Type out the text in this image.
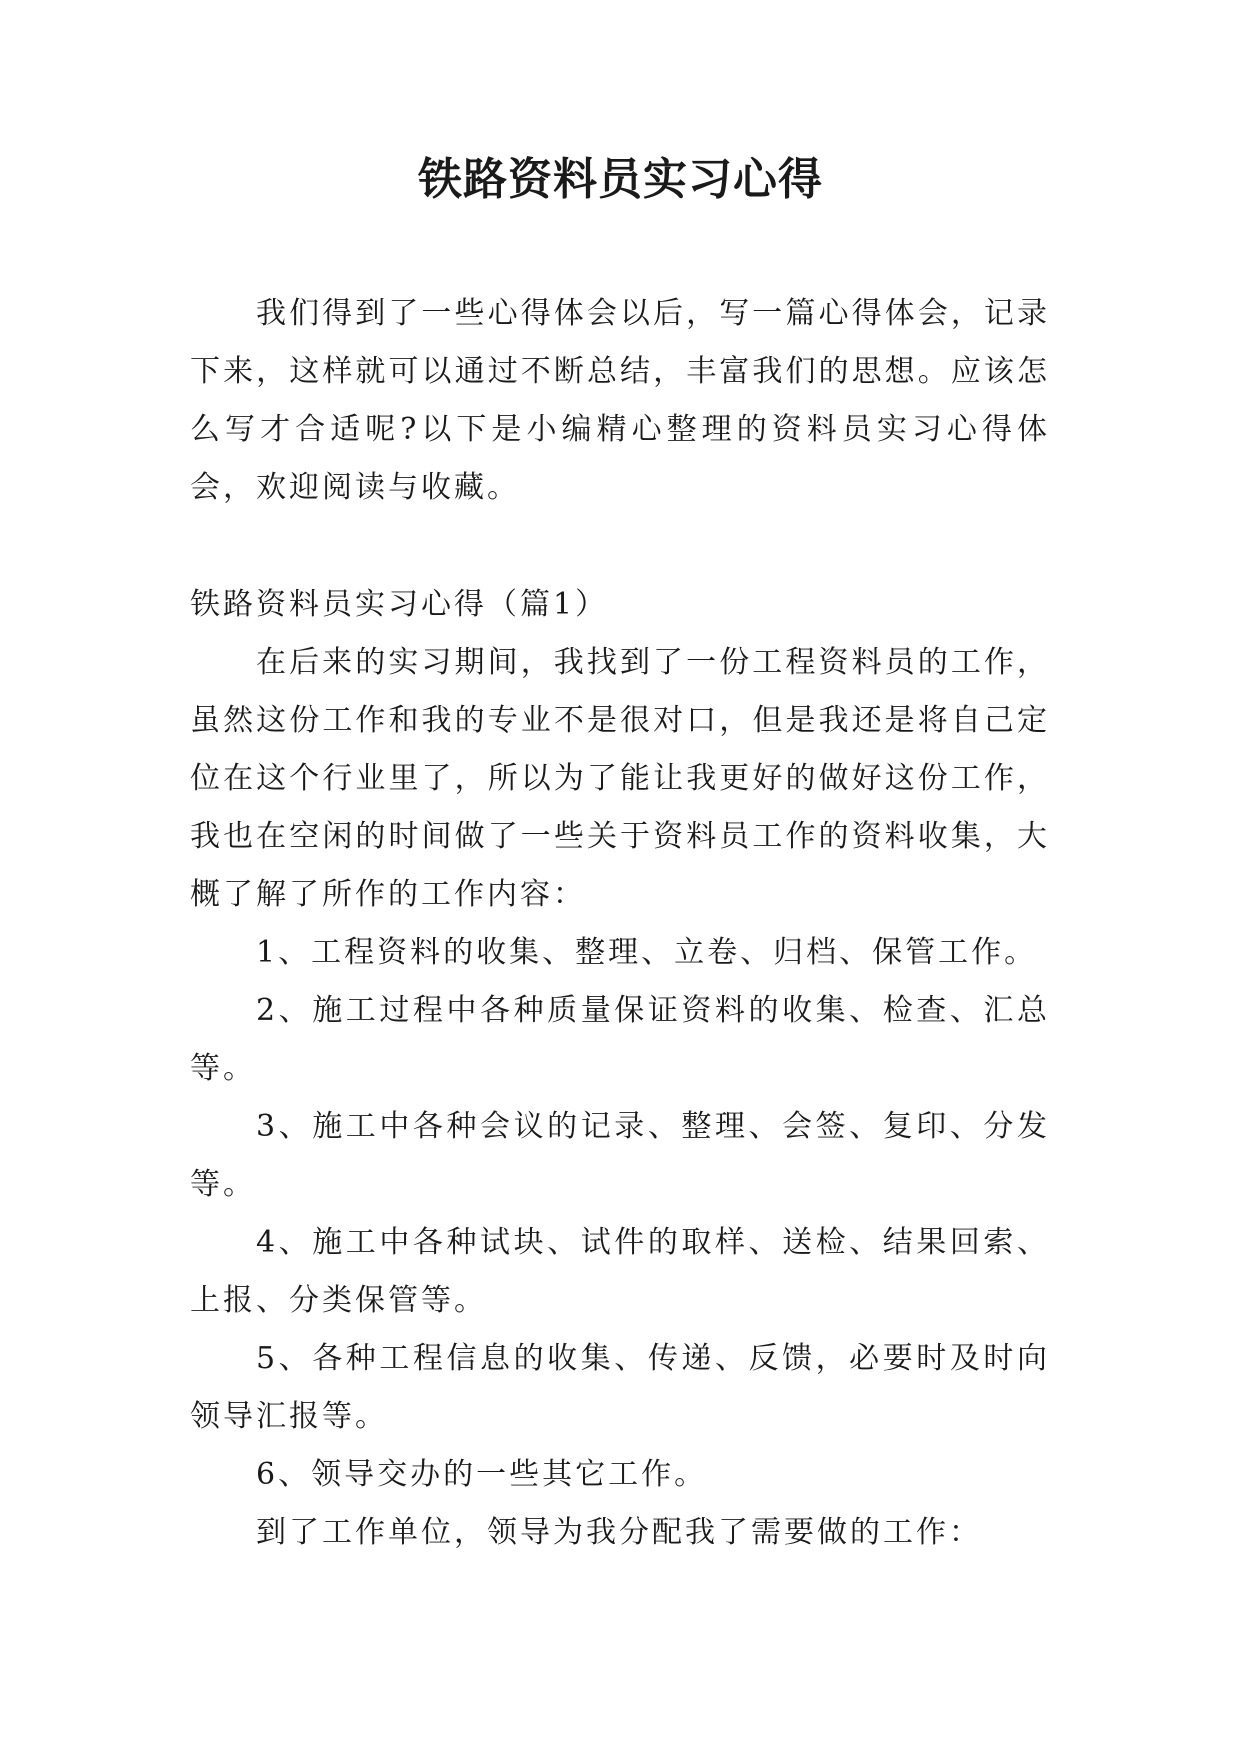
铁路资料员实习心得

我们得到了一些心得体会以后，写一篇心得体会，记录下来，这样就可以通过不断总结，丰富我们的思想。应该怎么写才合适呢?以下是小编精心整理的资料员实习心得体会，欢迎阅读与收藏。

铁路资料员实习心得（篇1）

在后来的实习期间，我找到了一份工程资料员的工作，虽然这份工作和我的专业不是很对口，但是我还是将自己定位在这个行业里了，所以为了能让我更好的做好这份工作，我也在空闲的时间做了一些关于资料员工作的资料收集，大概了解了所作的工作内容：

1、工程资料的收集、整理、立卷、归档、保管工作。

2、施工过程中各种质量保证资料的收集、检查、汇总等。

3、施工中各种会议的记录、整理、会签、复印、分发等。

4、施工中各种试块、试件的取样、送检、结果回索、上报、分类保管等。

5、各种工程信息的收集、传递、反馈，必要时及时向领导汇报等。

6、领导交办的一些其它工作。

到了工作单位，领导为我分配我了需要做的工作：
